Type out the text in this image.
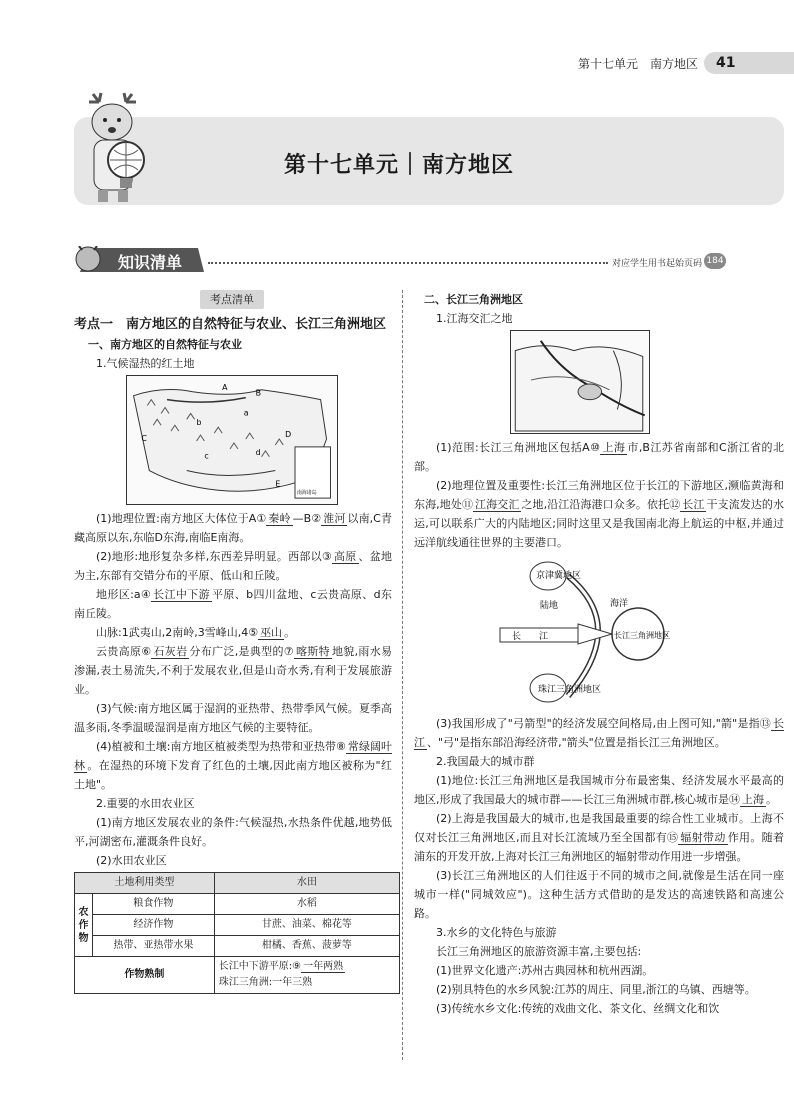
第十七单元　南方地区	41
第十七单元｜南方地区
知识清单	对应学生用书起始页码 184
考点清单
考点一　南方地区的自然特征与农业、长江三角洲地区

一、南方地区的自然特征与农业

1.气候湿热的红土地

A
B
C	D
E
a
b
c	d
南海诸岛

(1)地理位置:南方地区大体位于A① 秦岭 —B② 淮河 以南,C青藏高原以东,东临D东海,南临E南海。

(2)地形:地形复杂多样,东西差异明显。西部以③ 高原 、盆地为主,东部有交错分布的平原、低山和丘陵。

地形区:a④ 长江中下游 平原、b四川盆地、c云贵高原、d东南丘陵。

山脉:1武夷山,2南岭,3雪峰山,4⑤ 巫山 。

云贵高原⑥ 石灰岩 分布广泛,是典型的⑦ 喀斯特 地貌,雨水易渗漏,表土易流失,不利于发展农业,但是山奇水秀,有利于发展旅游业。

(3)气候:南方地区属于湿润的亚热带、热带季风气候。夏季高温多雨,冬季温暖湿润是南方地区气候的主要特征。

(4)植被和土壤:南方地区植被类型为热带和亚热带⑧ 常绿阔叶林 。在湿热的环境下发育了红色的土壤,因此南方地区被称为"红土地"。

2.重要的水田农业区

(1)南方地区发展农业的条件:气候湿热,水热条件优越,地势低平,河湖密布,灌溉条件良好。

(2)水田农业区

土地利用类型		水田
农作物	粮食作物	水稻
	经济作物	甘蔗、油菜、棉花等
	热带、亚热带水果	柑橘、香蕉、菠萝等
作物熟制		长江中下游平原:⑨ 一年两熟
珠江三角洲:一年三熟

二、长江三角洲地区

1.江海交汇之地

(1)范围:长江三角洲地区包括A⑩ 上海 市,B江苏省南部和C浙江省的北部。

(2)地理位置及重要性:长江三角洲地区位于长江的下游地区,濒临黄海和东海,地处⑪ 江海交汇 之地,沿江沿海港口众多。依托⑫ 长江 干支流发达的水运,可以联系广大的内陆地区;同时这里又是我国南北海上航运的中枢,并通过远洋航线通往世界的主要港口。

京津冀地区
陆地	海洋
长　　江	长江三角洲地区
珠江三角洲地区

(3)我国形成了"弓箭型"的经济发展空间格局,由上图可知,"箭"是指⑬ 长江 、"弓"是指东部沿海经济带,"箭头"位置是指长江三角洲地区。

2.我国最大的城市群

(1)地位:长江三角洲地区是我国城市分布最密集、经济发展水平最高的地区,形成了我国最大的城市群——长江三角洲城市群,核心城市是⑭ 上海 。

(2)上海是我国最大的城市,也是我国最重要的综合性工业城市。上海不仅对长江三角洲地区,而且对长江流域乃至全国都有⑮ 辐射带动 作用。随着浦东的开发开放,上海对长江三角洲地区的辐射带动作用进一步增强。

(3)长江三角洲地区的人们往返于不同的城市之间,就像是生活在同一座城市一样("同城效应")。这种生活方式借助的是发达的高速铁路和高速公路。

3.水乡的文化特色与旅游

长江三角洲地区的旅游资源丰富,主要包括:

(1)世界文化遗产:苏州古典园林和杭州西湖。

(2)别具特色的水乡风貌:江苏的周庄、同里,浙江的乌镇、西塘等。

(3)传统水乡文化:传统的戏曲文化、茶文化、丝绸文化和饮
